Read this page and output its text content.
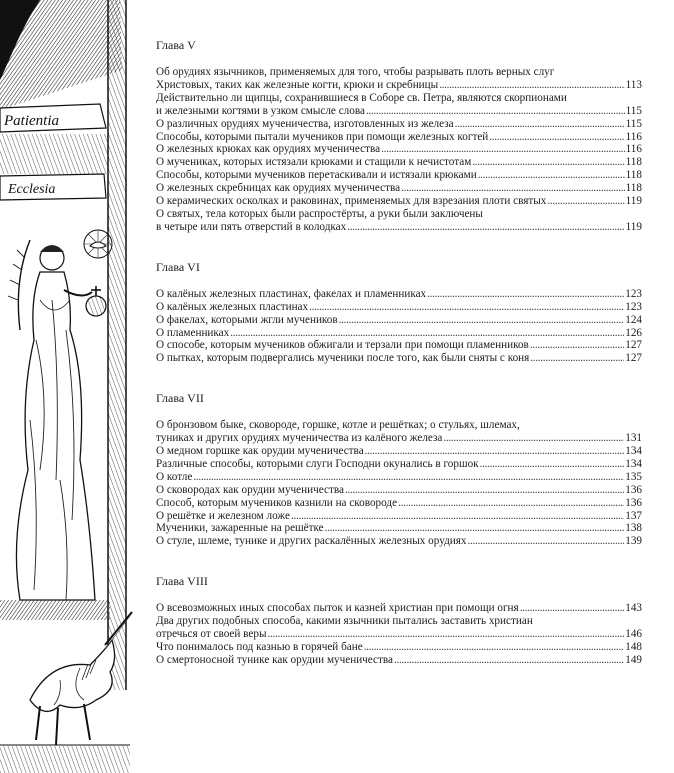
Patientia
Ecclesia
Глава V
Об орудиях язычников, применяемых для того, чтобы разрывать плоть верных слуг
Христовых, таких как железные когти, крюки и скребницы .....	113
Действительно ли щипцы, сохранившиеся в Соборе св. Петра, являются скорпионами
и железными когтями в узком смысле слова .....	115
О различных орудиях мученичества, изготовленных из железа .....	115
Способы, которыми пытали мучеников при помощи железных когтей .....	116
О железных крюках как орудиях мученичества .....	116
О мучениках, которых истязали крюками и стащили к нечистотам .....	118
Способы, которыми мучеников перетаскивали и истязали крюками .....	118
О железных скребницах как орудиях мученичества .....	118
О керамических осколках и раковинах, применяемых для взрезания плоти святых .....	119
О святых, тела которых были распростёрты, а руки были заключены
в четыре или пять отверстий в колодках .....	119
Глава VI
О калёных железных пластинах, факелах и пламенниках .....	123
О калёных железных пластинах .....	123
О факелах, которыми жгли мучеников .....	124
О пламенниках .....	126
О способе, которым мучеников обжигали и терзали при помощи пламенников .....	127
О пытках, которым подвергались мученики после того, как были сняты с коня .....	127
Глава VII
О бронзовом быке, сковороде, горшке, котле и решётках; о стульях, шлемах,
туниках и других орудиях мученичества из калёного железа .....	131
О медном горшке как орудии мученичества .....	134
Различные способы, которыми слуги Господни окунались в горшок .....	134
О котле .....	135
О сковородах как орудии мученичества .....	136
Способ, которым мучеников казнили на сковороде .....	136
О решётке и железном ложе .....	137
Мученики, зажаренные на решётке .....	138
О стуле, шлеме, тунике и других раскалённых железных орудиях .....	139
Глава VIII
О всевозможных иных способах пыток и казней христиан при помощи огня .....	143
Два других подобных способа, какими язычники пытались заставить христиан
отречься от своей веры .....	146
Что понималось под казнью в горячей бане .....	148
О смертоносной тунике как орудии мученичества .....	149
